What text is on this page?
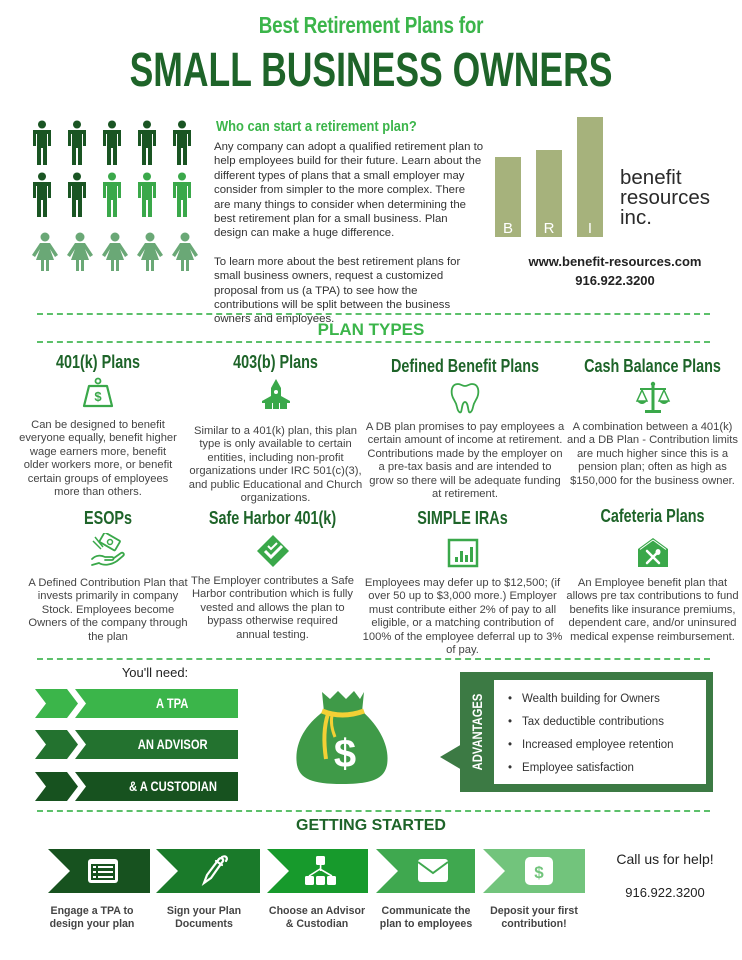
Best Retirement Plans for
SMALL BUSINESS OWNERS
Who can start a retirement plan?

Any company can adopt a qualified retirement plan to help employees build for their future. Learn about the different types of plans that a small employer may consider from simpler to the more complex. There are many things to consider when determining the best retirement plan for a small business. Plan design can make a huge difference.

To learn more about the best retirement plans for small business owners, request a customized proposal from us (a TPA) to see how the contributions will be split between the business owners and employees.

B	R	I
benefit
resources
inc.
www.benefit-resources.com
916.922.3200
PLAN TYPES
401(k) Plans
$
Can be designed to benefit everyone equally, benefit higher wage earners more, benefit older workers more, or benefit certain groups of employees more than others.
403(b) Plans
Similar to a 401(k) plan, this plan type is only available to certain entities, including non-profit organizations under IRC 501(c)(3), and public Educational and Church organizations.
Defined Benefit Plans
A DB plan promises to pay employees a certain amount of income at retirement. Contributions made by the employer on a pre-tax basis and are intended to grow so there will be adequate funding at retirement.
Cash Balance Plans
A combination between a 401(k) and a DB Plan - Contribution limits are much higher since this is a pension plan; often as high as $150,000 for the business owner.
ESOPs
A Defined Contribution Plan that invests primarily in company Stock. Employees become Owners of the company through the plan
Safe Harbor 401(k)
The Employer contributes a Safe Harbor contribution which is fully vested and allows the plan to bypass otherwise required annual testing.
SIMPLE IRAs
Employees may defer up to $12,500; (if over 50 up to $3,000 more.) Employer must contribute either 2% of pay to all eligible, or a matching contribution of 100% of the employee deferral up to 3% of pay.
Cafeteria Plans
An Employee benefit plan that allows pre tax contributions to fund benefits like insurance premiums, dependent care, and/or uninsured medical expense reimbursement.
You'll need:
A TPA
AN ADVISOR
& A CUSTODIAN
$	ADVANTAGES	• Wealth building for Owners
• Tax deductible contributions
• Increased employee retention
• Employee satisfaction
GETTING STARTED
$
Engage a TPA to design your plan
Sign your Plan Documents
Choose an Advisor & Custodian
Communicate the plan to employees
Deposit your first contribution!
Call us for help!
916.922.3200
